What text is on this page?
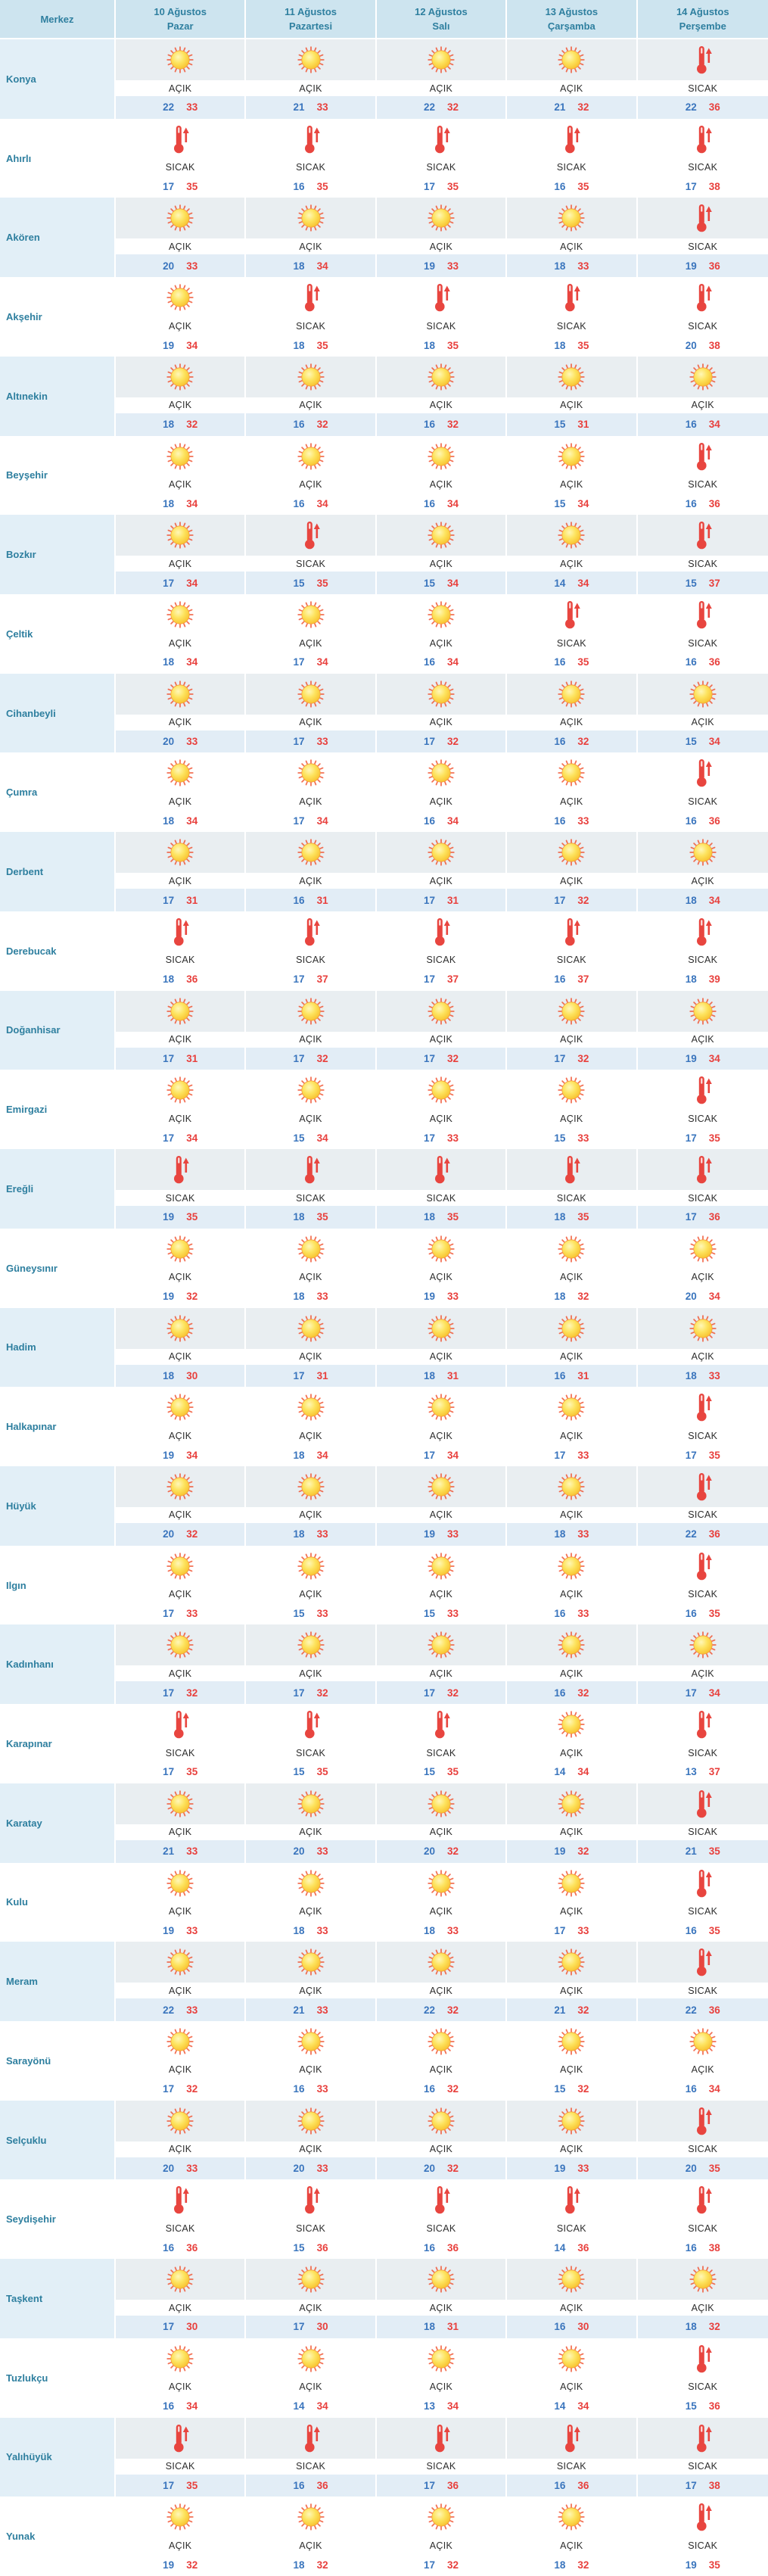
Merkez
10 Ağustos
Pazar
11 Ağustos
Pazartesi
12 Ağustos
Salı
13 Ağustos
Çarşamba
14 Ağustos
Perşembe
Konya
AÇIK
22 33
AÇIK
21 33
AÇIK
22 32
AÇIK
21 32
SICAK
22 36
Ahırlı
SICAK
17 35
SICAK
16 35
SICAK
17 35
SICAK
16 35
SICAK
17 38
Akören
AÇIK
20 33
AÇIK
18 34
AÇIK
19 33
AÇIK
18 33
SICAK
19 36
Akşehir
AÇIK
19 34
SICAK
18 35
SICAK
18 35
SICAK
18 35
SICAK
20 38
Altınekin
AÇIK
18 32
AÇIK
16 32
AÇIK
16 32
AÇIK
15 31
AÇIK
16 34
Beyşehir
AÇIK
18 34
AÇIK
16 34
AÇIK
16 34
AÇIK
15 34
SICAK
16 36
Bozkır
AÇIK
17 34
SICAK
15 35
AÇIK
15 34
AÇIK
14 34
SICAK
15 37
Çeltik
AÇIK
18 34
AÇIK
17 34
AÇIK
16 34
SICAK
16 35
SICAK
16 36
Cihanbeyli
AÇIK
20 33
AÇIK
17 33
AÇIK
17 32
AÇIK
16 32
AÇIK
15 34
Çumra
AÇIK
18 34
AÇIK
17 34
AÇIK
16 34
AÇIK
16 33
SICAK
16 36
Derbent
AÇIK
17 31
AÇIK
16 31
AÇIK
17 31
AÇIK
17 32
AÇIK
18 34
Derebucak
SICAK
18 36
SICAK
17 37
SICAK
17 37
SICAK
16 37
SICAK
18 39
Doğanhisar
AÇIK
17 31
AÇIK
17 32
AÇIK
17 32
AÇIK
17 32
AÇIK
19 34
Emirgazi
AÇIK
17 34
AÇIK
15 34
AÇIK
17 33
AÇIK
15 33
SICAK
17 35
Ereğli
SICAK
19 35
SICAK
18 35
SICAK
18 35
SICAK
18 35
SICAK
17 36
Güneysınır
AÇIK
19 32
AÇIK
18 33
AÇIK
19 33
AÇIK
18 32
AÇIK
20 34
Hadim
AÇIK
18 30
AÇIK
17 31
AÇIK
18 31
AÇIK
16 31
AÇIK
18 33
Halkapınar
AÇIK
19 34
AÇIK
18 34
AÇIK
17 34
AÇIK
17 33
SICAK
17 35
Hüyük
AÇIK
20 32
AÇIK
18 33
AÇIK
19 33
AÇIK
18 33
SICAK
22 36
Ilgın
AÇIK
17 33
AÇIK
15 33
AÇIK
15 33
AÇIK
16 33
SICAK
16 35
Kadınhanı
AÇIK
17 32
AÇIK
17 32
AÇIK
17 32
AÇIK
16 32
AÇIK
17 34
Karapınar
SICAK
17 35
SICAK
15 35
SICAK
15 35
AÇIK
14 34
SICAK
13 37
Karatay
AÇIK
21 33
AÇIK
20 33
AÇIK
20 32
AÇIK
19 32
SICAK
21 35
Kulu
AÇIK
19 33
AÇIK
18 33
AÇIK
18 33
AÇIK
17 33
SICAK
16 35
Meram
AÇIK
22 33
AÇIK
21 33
AÇIK
22 32
AÇIK
21 32
SICAK
22 36
Sarayönü
AÇIK
17 32
AÇIK
16 33
AÇIK
16 32
AÇIK
15 32
AÇIK
16 34
Selçuklu
AÇIK
20 33
AÇIK
20 33
AÇIK
20 32
AÇIK
19 33
SICAK
20 35
Seydişehir
SICAK
16 36
SICAK
15 36
SICAK
16 36
SICAK
14 36
SICAK
16 38
Taşkent
AÇIK
17 30
AÇIK
17 30
AÇIK
18 31
AÇIK
16 30
AÇIK
18 32
Tuzlukçu
AÇIK
16 34
AÇIK
14 34
AÇIK
13 34
AÇIK
14 34
SICAK
15 36
Yalıhüyük
SICAK
17 35
SICAK
16 36
SICAK
17 36
SICAK
16 36
SICAK
17 38
Yunak
AÇIK
19 32
AÇIK
18 32
AÇIK
17 32
AÇIK
18 32
SICAK
19 35
